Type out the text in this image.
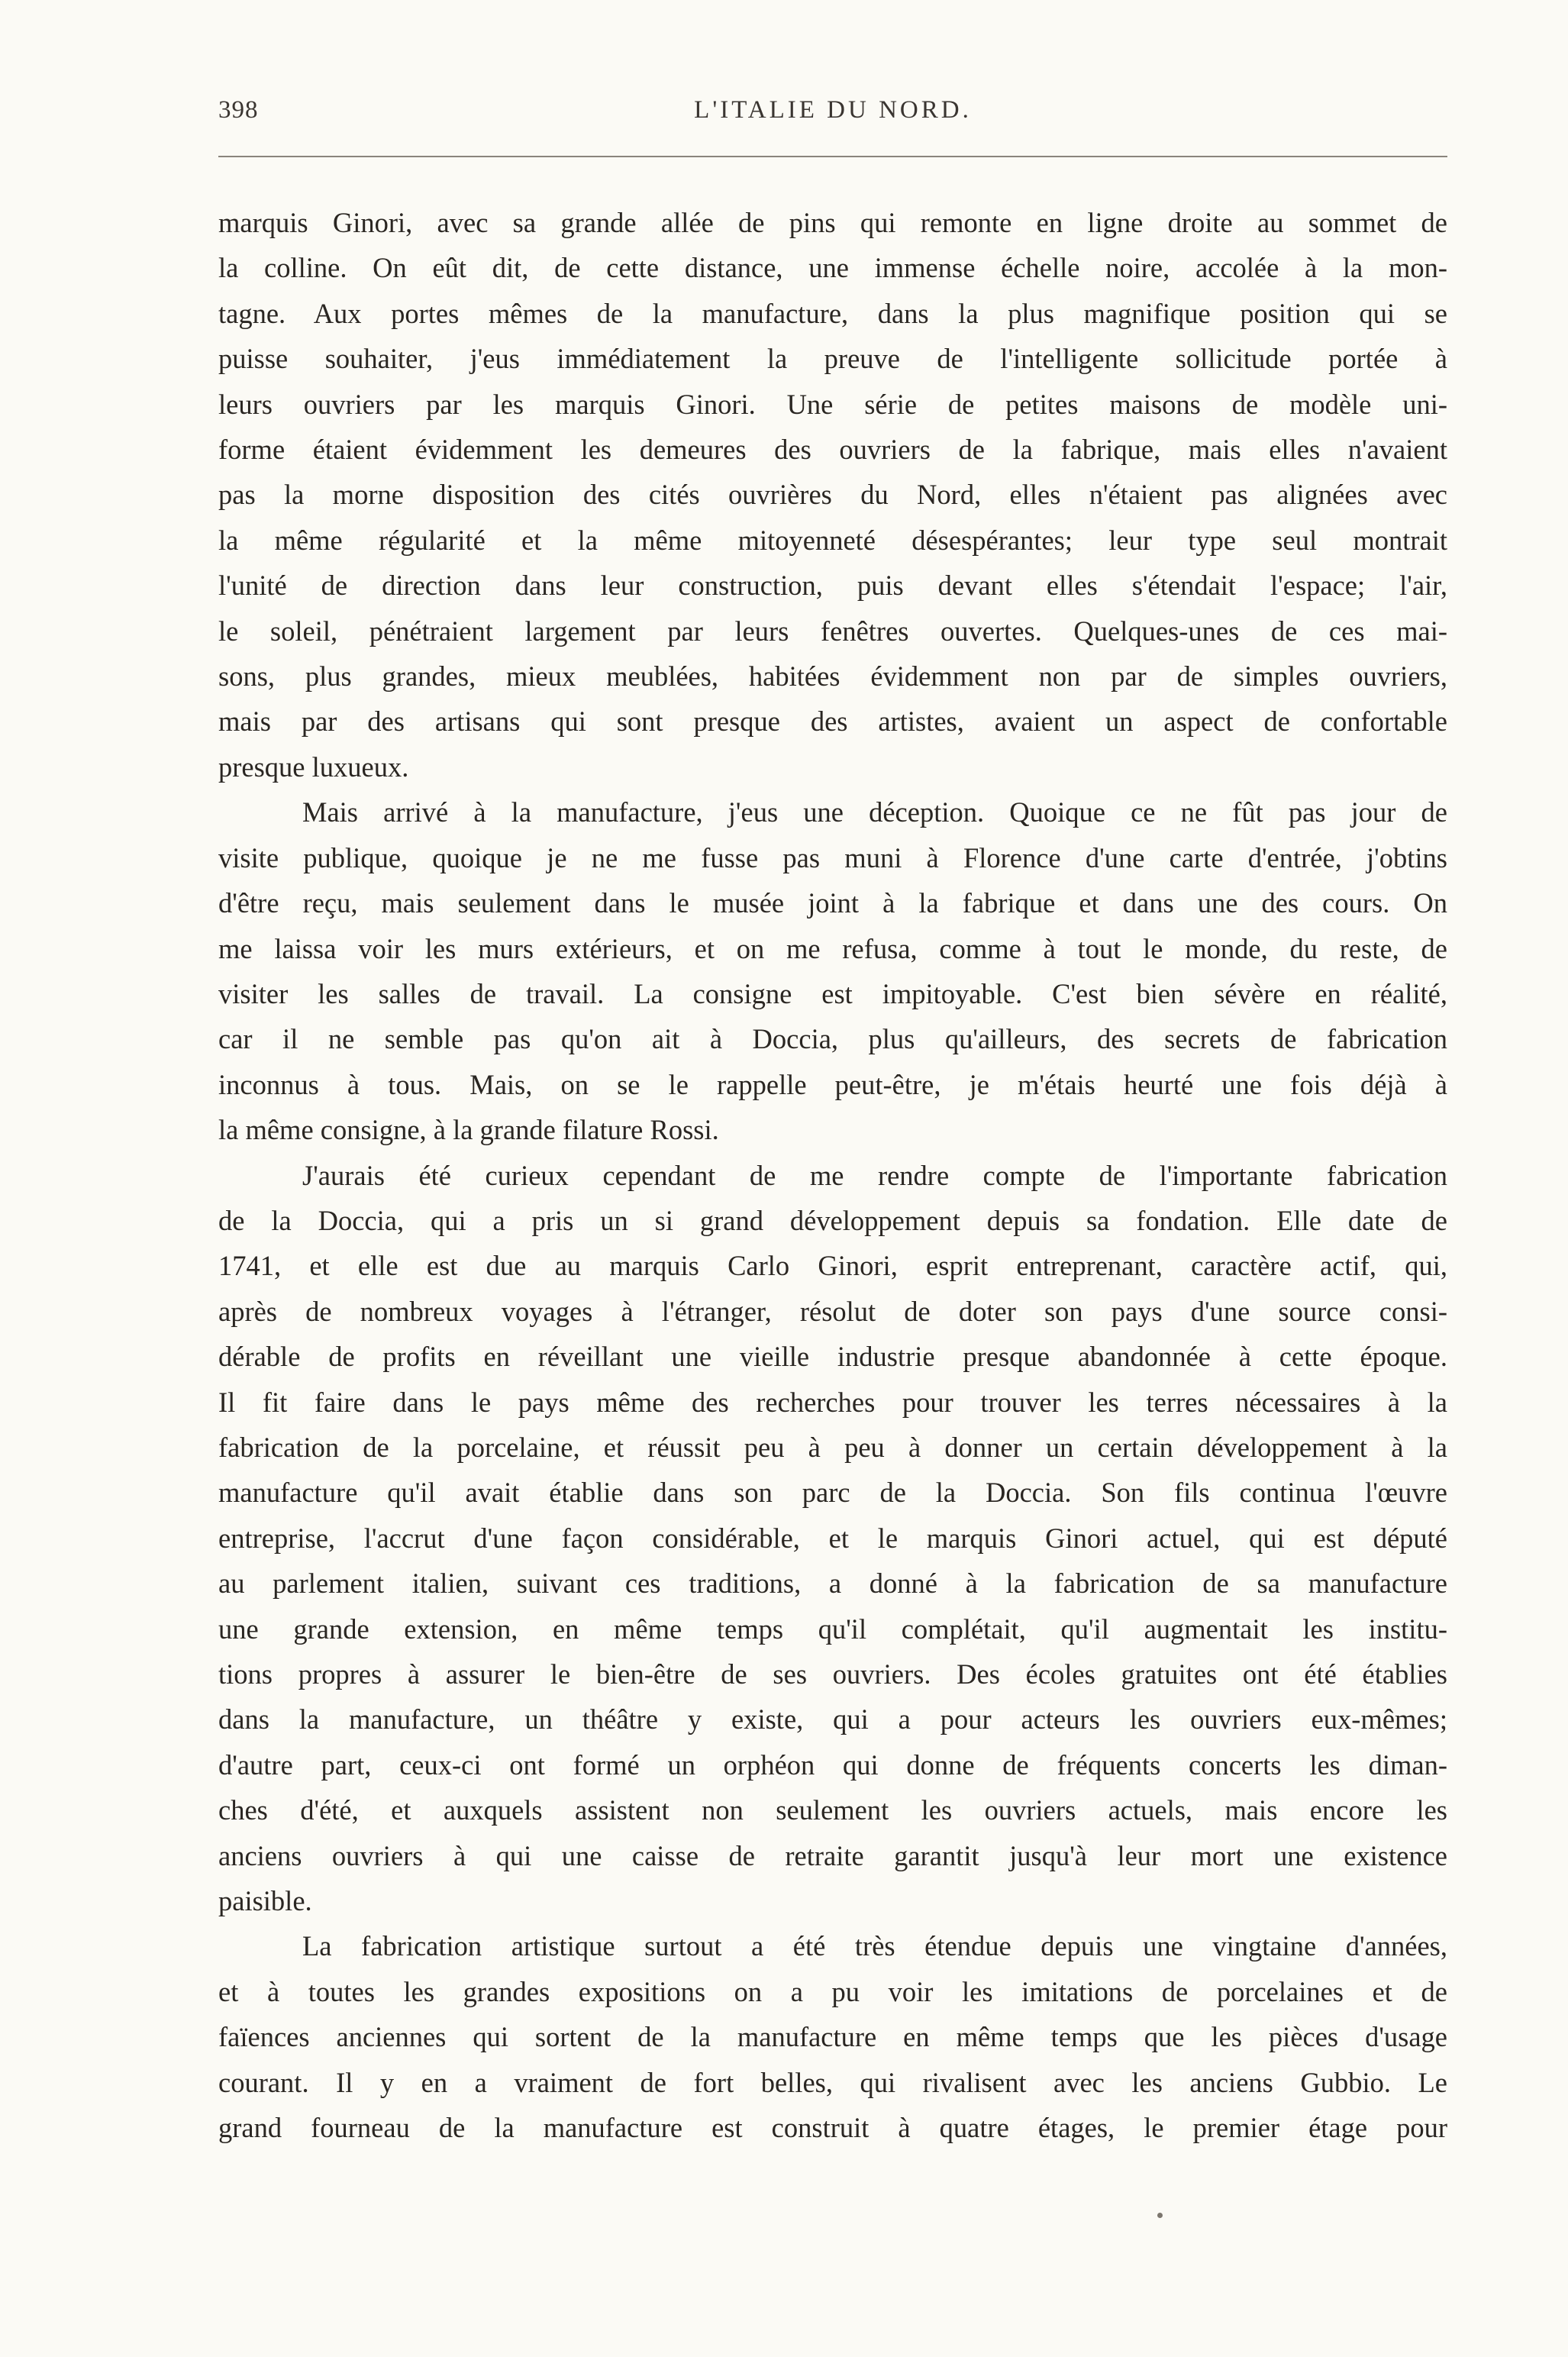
398	L'ITALIE DU NORD.

marquis Ginori, avec sa grande allée de pins qui remonte en ligne droite au sommet de

la colline. On eût dit, de cette distance, une immense échelle noire, accolée à la mon-

tagne. Aux portes mêmes de la manufacture, dans la plus magnifique position qui se

puisse souhaiter, j'eus immédiatement la preuve de l'intelligente sollicitude portée à

leurs ouvriers par les marquis Ginori. Une série de petites maisons de modèle uni-

forme étaient évidemment les demeures des ouvriers de la fabrique, mais elles n'avaient

pas la morne disposition des cités ouvrières du Nord, elles n'étaient pas alignées avec

la même régularité et la même mitoyenneté désespérantes; leur type seul montrait

l'unité de direction dans leur construction, puis devant elles s'étendait l'espace; l'air,

le soleil, pénétraient largement par leurs fenêtres ouvertes. Quelques-unes de ces mai-

sons, plus grandes, mieux meublées, habitées évidemment non par de simples ouvriers,

mais par des artisans qui sont presque des artistes, avaient un aspect de confortable

presque luxueux.

Mais arrivé à la manufacture, j'eus une déception. Quoique ce ne fût pas jour de

visite publique, quoique je ne me fusse pas muni à Florence d'une carte d'entrée, j'obtins

d'être reçu, mais seulement dans le musée joint à la fabrique et dans une des cours. On

me laissa voir les murs extérieurs, et on me refusa, comme à tout le monde, du reste, de

visiter les salles de travail. La consigne est impitoyable. C'est bien sévère en réalité,

car il ne semble pas qu'on ait à Doccia, plus qu'ailleurs, des secrets de fabrication

inconnus à tous. Mais, on se le rappelle peut-être, je m'étais heurté une fois déjà à

la même consigne, à la grande filature Rossi.

J'aurais été curieux cependant de me rendre compte de l'importante fabrication

de la Doccia, qui a pris un si grand développement depuis sa fondation. Elle date de

1741, et elle est due au marquis Carlo Ginori, esprit entreprenant, caractère actif, qui,

après de nombreux voyages à l'étranger, résolut de doter son pays d'une source consi-

dérable de profits en réveillant une vieille industrie presque abandonnée à cette époque.

Il fit faire dans le pays même des recherches pour trouver les terres nécessaires à la

fabrication de la porcelaine, et réussit peu à peu à donner un certain développement à la

manufacture qu'il avait établie dans son parc de la Doccia. Son fils continua l'œuvre

entreprise, l'accrut d'une façon considérable, et le marquis Ginori actuel, qui est député

au parlement italien, suivant ces traditions, a donné à la fabrication de sa manufacture

une grande extension, en même temps qu'il complétait, qu'il augmentait les institu-

tions propres à assurer le bien-être de ses ouvriers. Des écoles gratuites ont été établies

dans la manufacture, un théâtre y existe, qui a pour acteurs les ouvriers eux-mêmes;

d'autre part, ceux-ci ont formé un orphéon qui donne de fréquents concerts les diman-

ches d'été, et auxquels assistent non seulement les ouvriers actuels, mais encore les

anciens ouvriers à qui une caisse de retraite garantit jusqu'à leur mort une existence

paisible.

La fabrication artistique surtout a été très étendue depuis une vingtaine d'années,

et à toutes les grandes expositions on a pu voir les imitations de porcelaines et de

faïences anciennes qui sortent de la manufacture en même temps que les pièces d'usage

courant. Il y en a vraiment de fort belles, qui rivalisent avec les anciens Gubbio. Le

grand fourneau de la manufacture est construit à quatre étages, le premier étage pour
